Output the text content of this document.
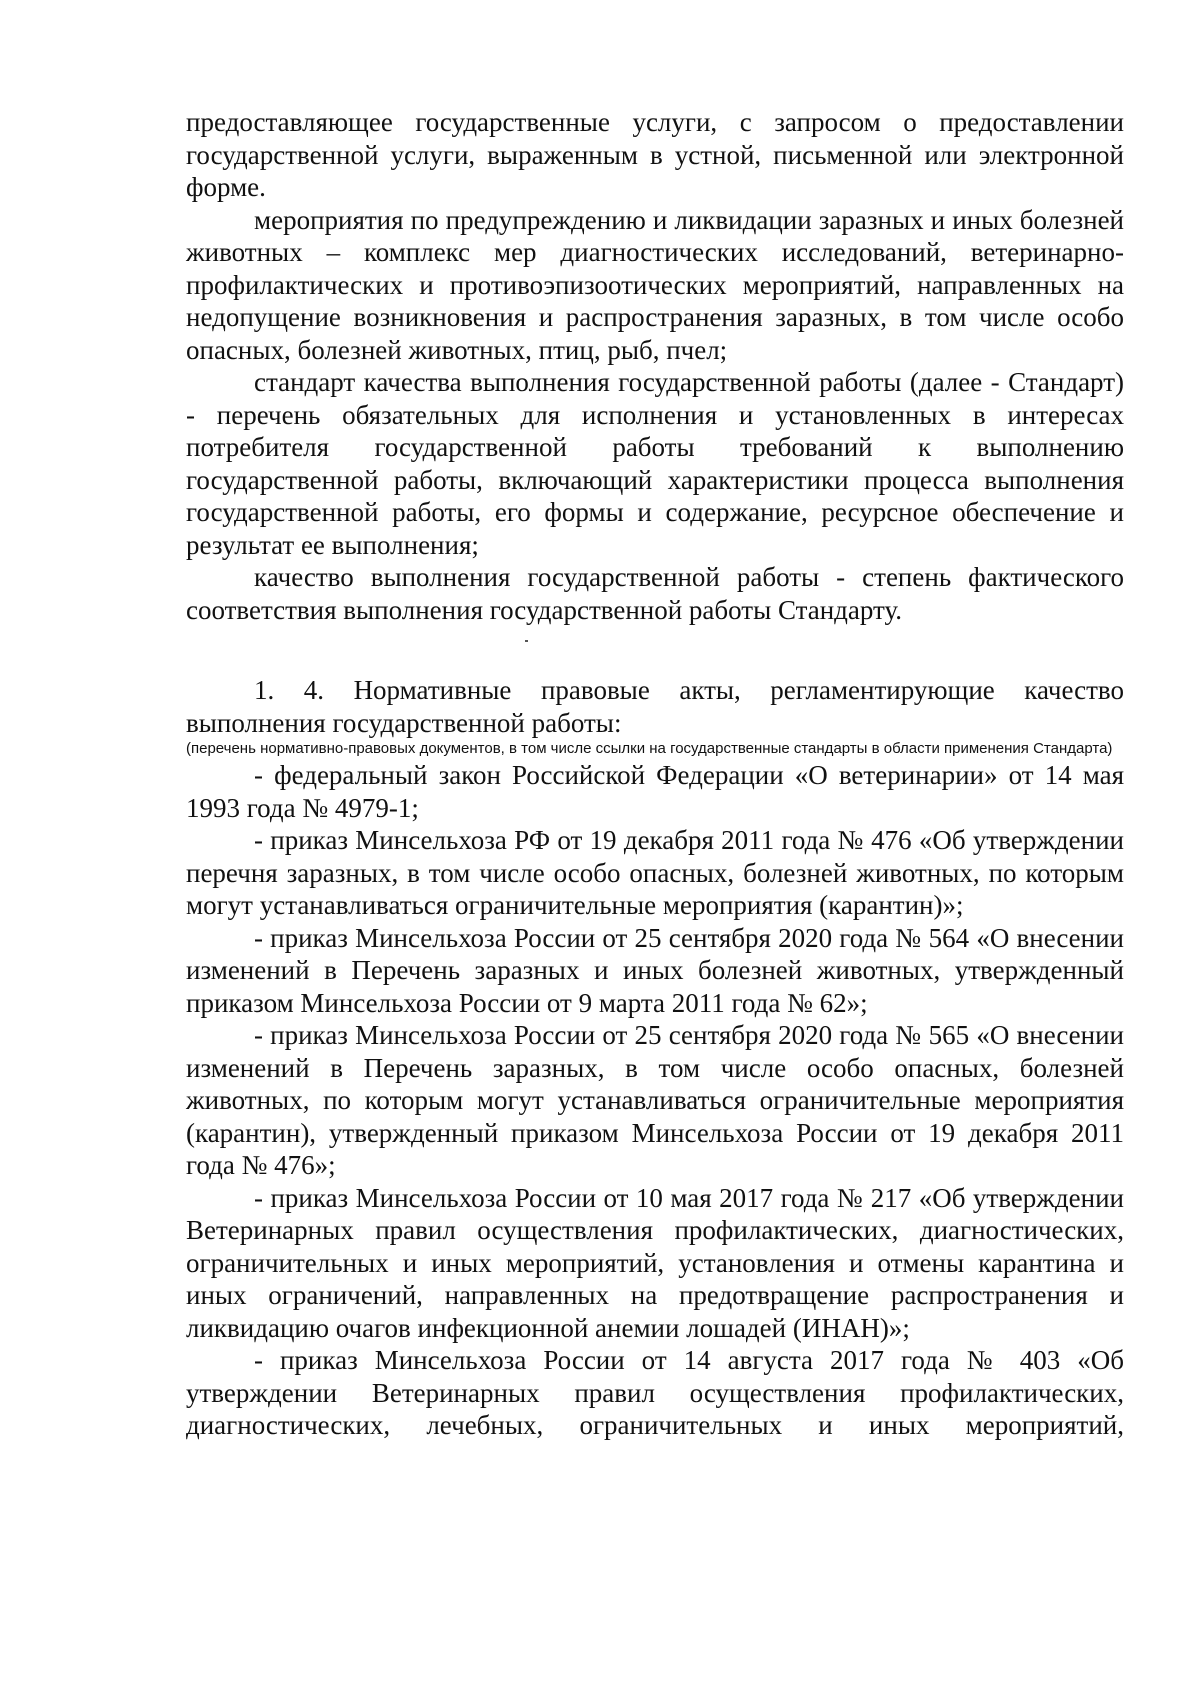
предоставляющее государственные услуги, с запросом о предоставлении государственной услуги, выраженным в устной, письменной или электронной форме.

мероприятия по предупреждению и ликвидации заразных и иных болезней животных – комплекс мер диагностических исследований, ветеринарно-профилактических и противоэпизоотических мероприятий, направленных на недопущение возникновения и распространения заразных, в том числе особо опасных, болезней животных, птиц, рыб, пчел;

стандарт качества выполнения государственной работы (далее - Стандарт) - перечень обязательных для исполнения и установленных в интересах потребителя государственной работы требований к выполнению государственной работы, включающий характеристики процесса выполнения государственной работы, его формы и содержание, ресурсное обеспечение и результат ее выполнения;

качество выполнения государственной работы - степень фактического соответствия выполнения государственной работы Стандарту.

1. 4. Нормативные правовые акты, регламентирующие качество выполнения государственной работы:

(перечень нормативно-правовых документов, в том числе ссылки на государственные стандарты в области применения Стандарта)

- федеральный закон Российской Федерации «О ветеринарии» от 14 мая 1993 года № 4979-1;

- приказ Минсельхоза РФ от 19 декабря 2011 года № 476 «Об утверждении перечня заразных, в том числе особо опасных, болезней животных, по которым могут устанавливаться ограничительные мероприятия (карантин)»;

- приказ Минсельхоза России от 25 сентября 2020 года № 564 «О внесении изменений в Перечень заразных и иных болезней животных, утвержденный приказом Минсельхоза России от 9 марта 2011 года № 62»;

- приказ Минсельхоза России от 25 сентября 2020 года № 565 «О внесении изменений в Перечень заразных, в том числе особо опасных, болезней животных, по которым могут устанавливаться ограничительные мероприятия (карантин), утвержденный приказом Минсельхоза России от 19 декабря 2011 года № 476»;

- приказ Минсельхоза России от 10 мая 2017 года № 217 «Об утверждении Ветеринарных правил осуществления профилактических, диагностических, ограничительных и иных мероприятий, установления и отмены карантина и иных ограничений, направленных на предотвращение распространения и ликвидацию очагов инфекционной анемии лошадей (ИНАН)»;

- приказ Минсельхоза России от 14 августа 2017 года № 403 «Об утверждении Ветеринарных правил осуществления профилактических, диагностических, лечебных, ограничительных и иных мероприятий,
